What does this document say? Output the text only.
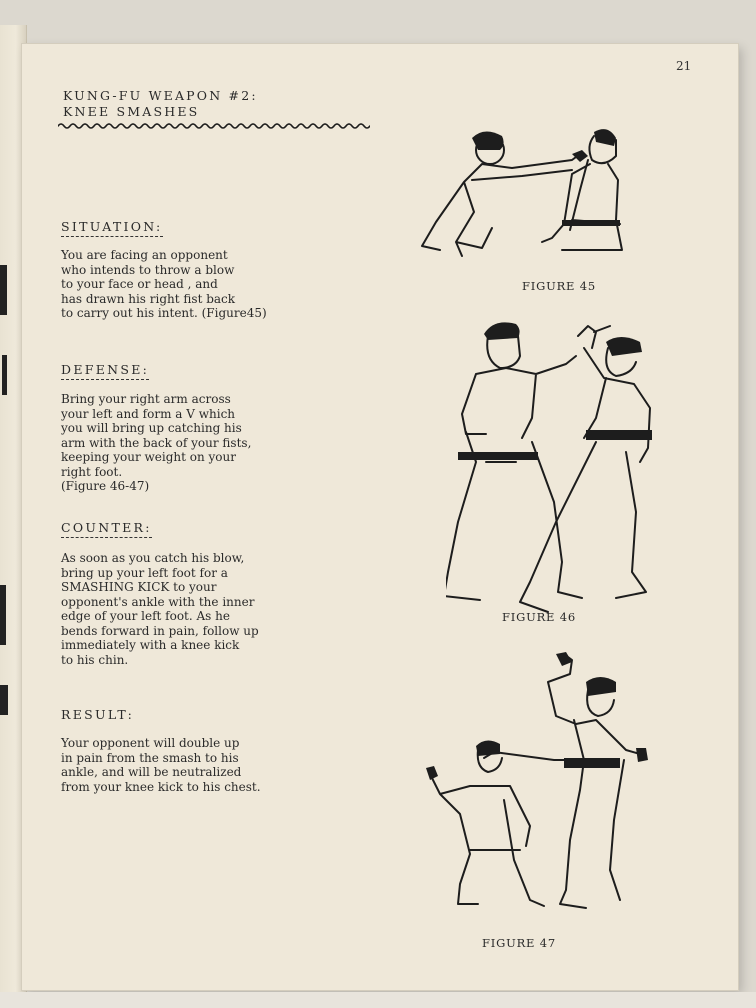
21
KUNG-FU WEAPON #2:
KNEE SMASHES
SITUATION:
You are facing an opponent
who intends to throw a blow
to your face or head , and
has drawn his right fist back
to carry out his intent. (Figure45)
DEFENSE:
Bring your right arm across
your left and form a V which
you will bring up catching his
arm with the back of your fists,
keeping your weight on your
right foot.
(Figure 46-47)
COUNTER:
As soon as you catch his blow,
bring up your left foot for a
SMASHING KICK to your
opponent's ankle with the inner
edge of your left foot. As he
bends forward in pain, follow up
immediately with a knee kick
to his chin.
RESULT:
Your opponent will double up
in pain from the smash to his
ankle, and will be neutralized
from your knee kick to his chest.
FIGURE 45
FIGURE 46
FIGURE 47
